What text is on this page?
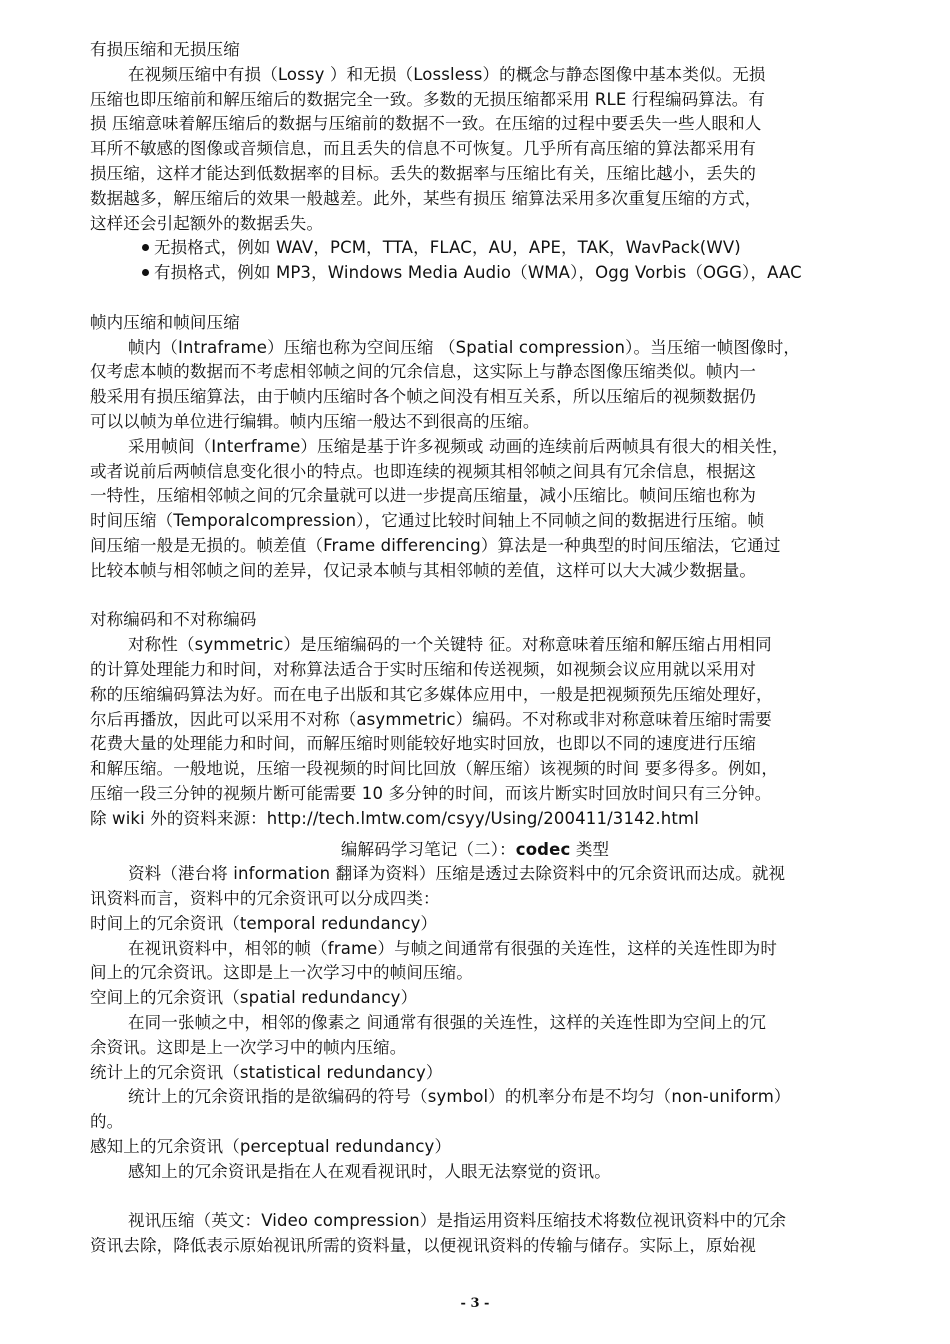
有损压缩和无损压缩
在视频压缩中有损（Lossy ）和无损（Lossless）的概念与静态图像中基本类似。无损
压缩也即压缩前和解压缩后的数据完全一致。多数的无损压缩都采用 RLE 行程编码算法。有
损 压缩意味着解压缩后的数据与压缩前的数据不一致。在压缩的过程中要丢失一些人眼和人
耳所不敏感的图像或音频信息，而且丢失的信息不可恢复。几乎所有高压缩的算法都采用有
损压缩，这样才能达到低数据率的目标。丢失的数据率与压缩比有关，压缩比越小，丢失的
数据越多，解压缩后的效果一般越差。此外，某些有损压 缩算法采用多次重复压缩的方式，
这样还会引起额外的数据丢失。
无损格式，例如 WAV，PCM，TTA，FLAC，AU，APE，TAK，WavPack(WV)
有损格式，例如 MP3，Windows Media Audio（WMA），Ogg Vorbis（OGG），AAC
帧内压缩和帧间压缩
帧内（Intraframe）压缩也称为空间压缩 （Spatial compression）。当压缩一帧图像时，
仅考虑本帧的数据而不考虑相邻帧之间的冗余信息，这实际上与静态图像压缩类似。帧内一
般采用有损压缩算法，由于帧内压缩时各个帧之间没有相互关系，所以压缩后的视频数据仍
可以以帧为单位进行编辑。帧内压缩一般达不到很高的压缩。
采用帧间（Interframe）压缩是基于许多视频或 动画的连续前后两帧具有很大的相关性，
或者说前后两帧信息变化很小的特点。也即连续的视频其相邻帧之间具有冗余信息，根据这
一特性，压缩相邻帧之间的冗余量就可以进一步提高压缩量，减小压缩比。帧间压缩也称为
时间压缩（Temporalcompression），它通过比较时间轴上不同帧之间的数据进行压缩。帧
间压缩一般是无损的。帧差值（Frame differencing）算法是一种典型的时间压缩法，它通过
比较本帧与相邻帧之间的差异，仅记录本帧与其相邻帧的差值，这样可以大大减少数据量。
对称编码和不对称编码
对称性（symmetric）是压缩编码的一个关键特 征。对称意味着压缩和解压缩占用相同
的计算处理能力和时间，对称算法适合于实时压缩和传送视频，如视频会议应用就以采用对
称的压缩编码算法为好。而在电子出版和其它多媒体应用中，一般是把视频预先压缩处理好，
尔后再播放，因此可以采用不对称（asymmetric）编码。不对称或非对称意味着压缩时需要
花费大量的处理能力和时间，而解压缩时则能较好地实时回放，也即以不同的速度进行压缩
和解压缩。一般地说，压缩一段视频的时间比回放（解压缩）该视频的时间 要多得多。例如，
压缩一段三分钟的视频片断可能需要 10 多分钟的时间，而该片断实时回放时间只有三分钟。
除 wiki 外的资料来源：http://tech.lmtw.com/csyy/Using/200411/3142.html
编解码学习笔记（二）：codec 类型
资料（港台将 information 翻译为资料）压缩是透过去除资料中的冗余资讯而达成。就视
讯资料而言，资料中的冗余资讯可以分成四类：
时间上的冗余资讯（temporal redundancy）
在视讯资料中，相邻的帧（frame）与帧之间通常有很强的关连性，这样的关连性即为时
间上的冗余资讯。这即是上一次学习中的帧间压缩。
空间上的冗余资讯（spatial redundancy）
在同一张帧之中，相邻的像素之 间通常有很强的关连性，这样的关连性即为空间上的冗
余资讯。这即是上一次学习中的帧内压缩。
统计上的冗余资讯（statistical redundancy）
统计上的冗余资讯指的是欲编码的符号（symbol）的机率分布是不均匀（non-uniform）
的。
感知上的冗余资讯（perceptual redundancy）
感知上的冗余资讯是指在人在观看视讯时，人眼无法察觉的资讯。
视讯压缩（英文：Video compression）是指运用资料压缩技术将数位视讯资料中的冗余
资讯去除，降低表示原始视讯所需的资料量，以便视讯资料的传输与储存。实际上，原始视
- 3 -
